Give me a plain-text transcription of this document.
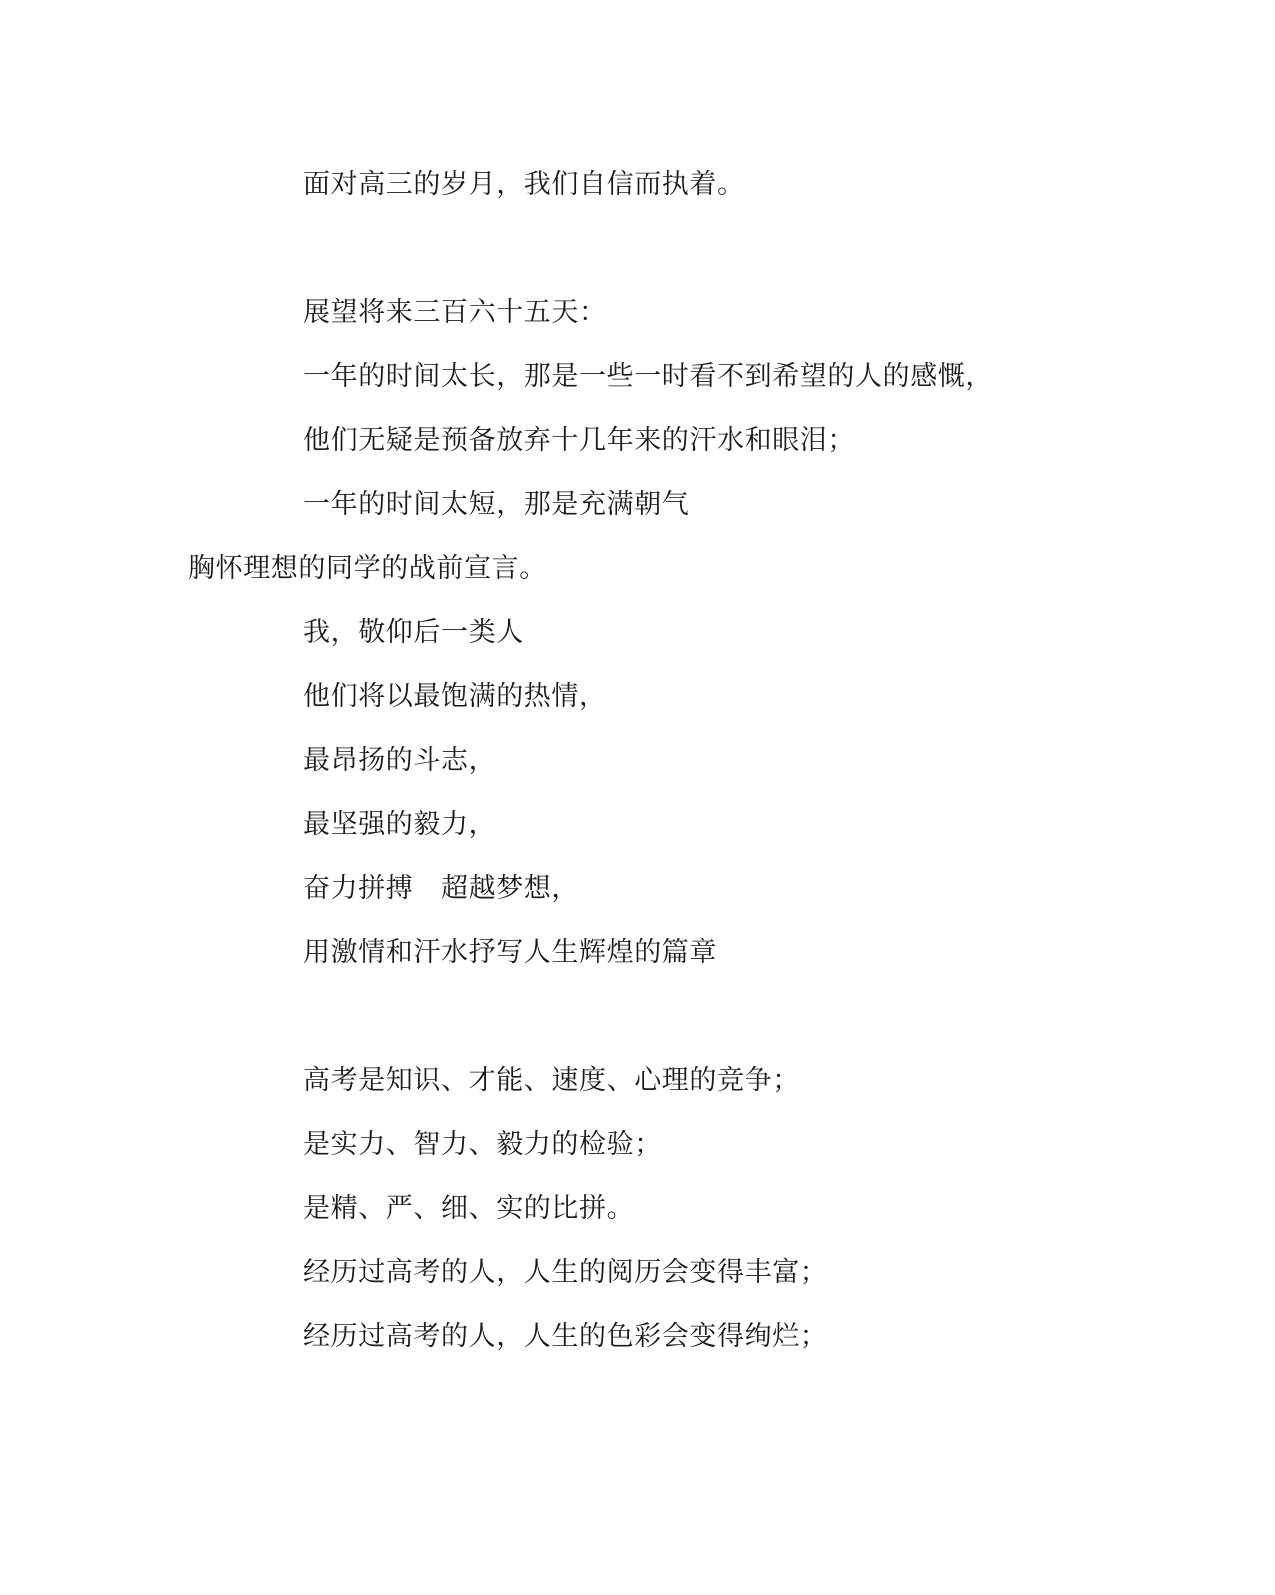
面对高三的岁月，我们自信而执着。

展望将来三百六十五天：

一年的时间太长，那是一些一时看不到希望的人的感慨，

他们无疑是预备放弃十几年来的汗水和眼泪；

一年的时间太短，那是充满朝气

胸怀理想的同学的战前宣言。

我，敬仰后一类人

他们将以最饱满的热情，

最昂扬的斗志，

最坚强的毅力，

奋力拼搏　超越梦想，

用激情和汗水抒写人生辉煌的篇章

高考是知识、才能、速度、心理的竞争；

是实力、智力、毅力的检验；

是精、严、细、实的比拼。

经历过高考的人，人生的阅历会变得丰富；

经历过高考的人，人生的色彩会变得绚烂；
